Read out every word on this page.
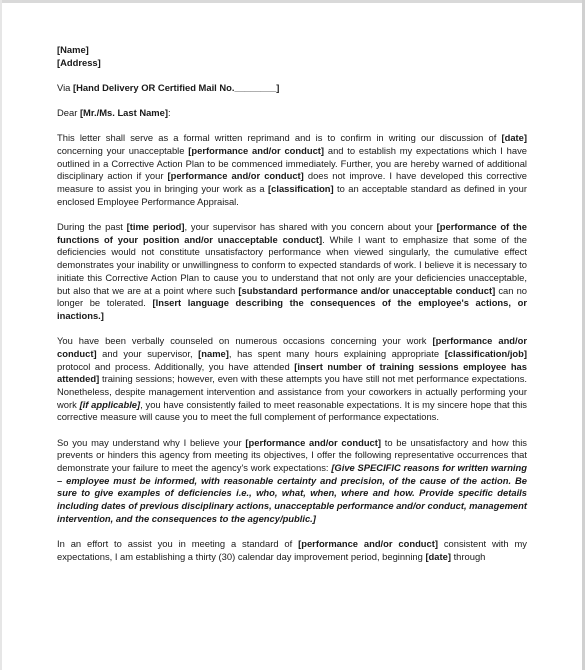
[Name]
[Address]
Via [Hand Delivery OR Certified Mail No.________]
Dear [Mr./Ms. Last Name]:

This letter shall serve as a formal written reprimand and is to confirm in writing our discussion of [date] concerning your unacceptable [performance and/or conduct] and to establish my expectations which I have outlined in a Corrective Action Plan to be commenced immediately. Further, you are hereby warned of additional disciplinary action if your [performance and/or conduct] does not improve. I have developed this corrective measure to assist you in bringing your work as a [classification] to an acceptable standard as defined in your enclosed Employee Performance Appraisal.

During the past [time period], your supervisor has shared with you concern about your [performance of the functions of your position and/or unacceptable conduct]. While I want to emphasize that some of the deficiencies would not constitute unsatisfactory performance when viewed singularly, the cumulative effect demonstrates your inability or unwillingness to conform to expected standards of work. I believe it is necessary to initiate this Corrective Action Plan to cause you to understand that not only are your deficiencies unacceptable, but also that we are at a point where such [substandard performance and/or unacceptable conduct] can no longer be tolerated. [Insert language describing the consequences of the employee's actions, or inactions.]

You have been verbally counseled on numerous occasions concerning your work [performance and/or conduct] and your supervisor, [name], has spent many hours explaining appropriate [classification/job] protocol and process. Additionally, you have attended [insert number of training sessions employee has attended] training sessions; however, even with these attempts you have still not met performance expectations. Nonetheless, despite management intervention and assistance from your coworkers in actually performing your work [if applicable], you have consistently failed to meet reasonable expectations. It is my sincere hope that this corrective measure will cause you to meet the full complement of performance expectations.

So you may understand why I believe your [performance and/or conduct] to be unsatisfactory and how this prevents or hinders this agency from meeting its objectives, I offer the following representative occurrences that demonstrate your failure to meet the agency's work expectations: [Give SPECIFIC reasons for written warning – employee must be informed, with reasonable certainty and precision, of the cause of the action. Be sure to give examples of deficiencies i.e., who, what, when, where and how. Provide specific details including dates of previous disciplinary actions, unacceptable performance and/or conduct, management intervention, and the consequences to the agency/public.]

In an effort to assist you in meeting a standard of [performance and/or conduct] consistent with my expectations, I am establishing a thirty (30) calendar day improvement period, beginning [date] through
